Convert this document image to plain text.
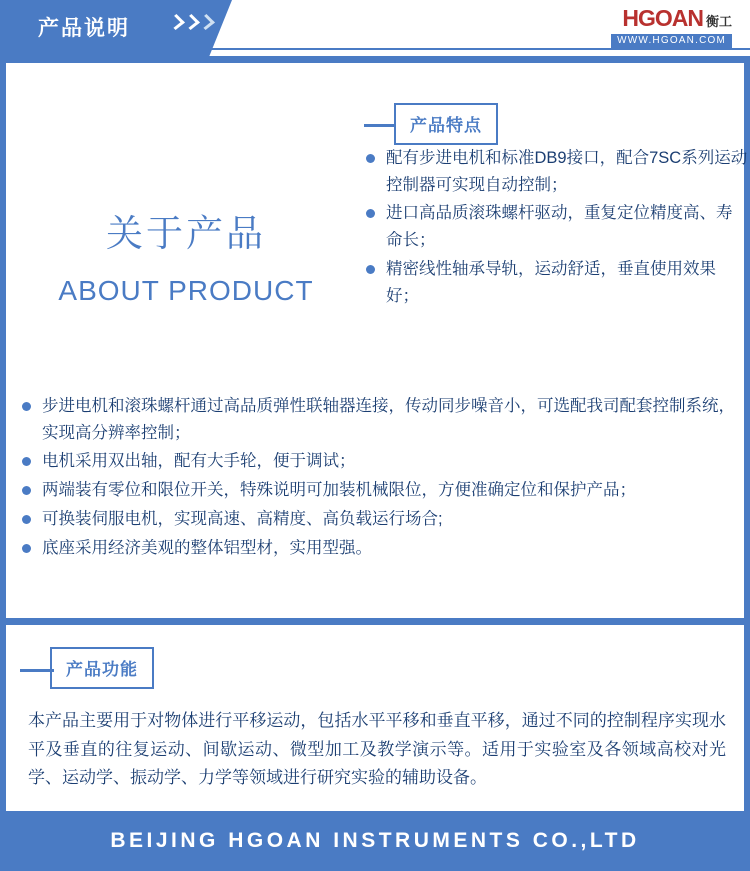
产品说明	HGOAN 衡工
WWW.HGOAN.COM
关于产品
ABOUT PRODUCT
产品特点
配有步进电机和标准DB9接口，配合7SC系列运动控制器可实现自动控制；
进口高品质滚珠螺杆驱动，重复定位精度高、寿命长；
精密线性轴承导轨，运动舒适，垂直使用效果好；
步进电机和滚珠螺杆通过高品质弹性联轴器连接，传动同步噪音小，可选配我司配套控制系统，实现高分辨率控制；
电机采用双出轴，配有大手轮，便于调试；
两端装有零位和限位开关，特殊说明可加装机械限位，方便准确定位和保护产品；
可换装伺服电机，实现高速、高精度、高负载运行场合;
底座采用经济美观的整体铝型材，实用型强。
产品功能
本产品主要用于对物体进行平移运动，包括水平平移和垂直平移，通过不同的控制程序实现水平及垂直的往复运动、间歇运动、微型加工及教学演示等。适用于实验室及各领域高校对光学、运动学、振动学、力学等领域进行研究实验的辅助设备。
BEIJING HGOAN INSTRUMENTS CO.,LTD
